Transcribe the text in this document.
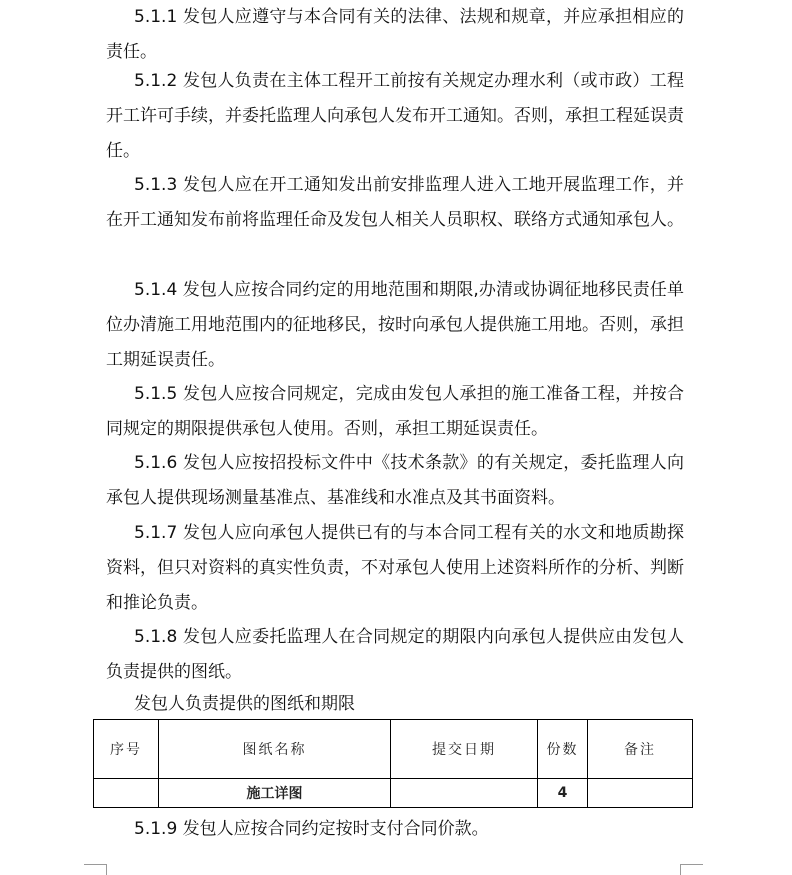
5.1.1 发包人应遵守与本合同有关的法律、法规和规章，并应承担相应的责任。

5.1.2 发包人负责在主体工程开工前按有关规定办理水利（或市政）工程开工许可手续，并委托监理人向承包人发布开工通知。否则，承担工程延误责任。

5.1.3 发包人应在开工通知发出前安排监理人进入工地开展监理工作，并在开工通知发布前将监理任命及发包人相关人员职权、联络方式通知承包人。

5.1.4 发包人应按合同约定的用地范围和期限,办清或协调征地移民责任单位办清施工用地范围内的征地移民，按时向承包人提供施工用地。否则，承担工期延误责任。

5.1.5 发包人应按合同规定，完成由发包人承担的施工准备工程，并按合同规定的期限提供承包人使用。否则，承担工期延误责任。

5.1.6 发包人应按招投标文件中《技术条款》的有关规定，委托监理人向承包人提供现场测量基准点、基准线和水准点及其书面资料。

5.1.7 发包人应向承包人提供已有的与本合同工程有关的水文和地质勘探资料，但只对资料的真实性负责，不对承包人使用上述资料所作的分析、判断和推论负责。

5.1.8 发包人应委托监理人在合同规定的期限内向承包人提供应由发包人负责提供的图纸。

发包人负责提供的图纸和期限

序号	图纸名称	提交日期	份数	备注
	施工详图		4	

5.1.9 发包人应按合同约定按时支付合同价款。
